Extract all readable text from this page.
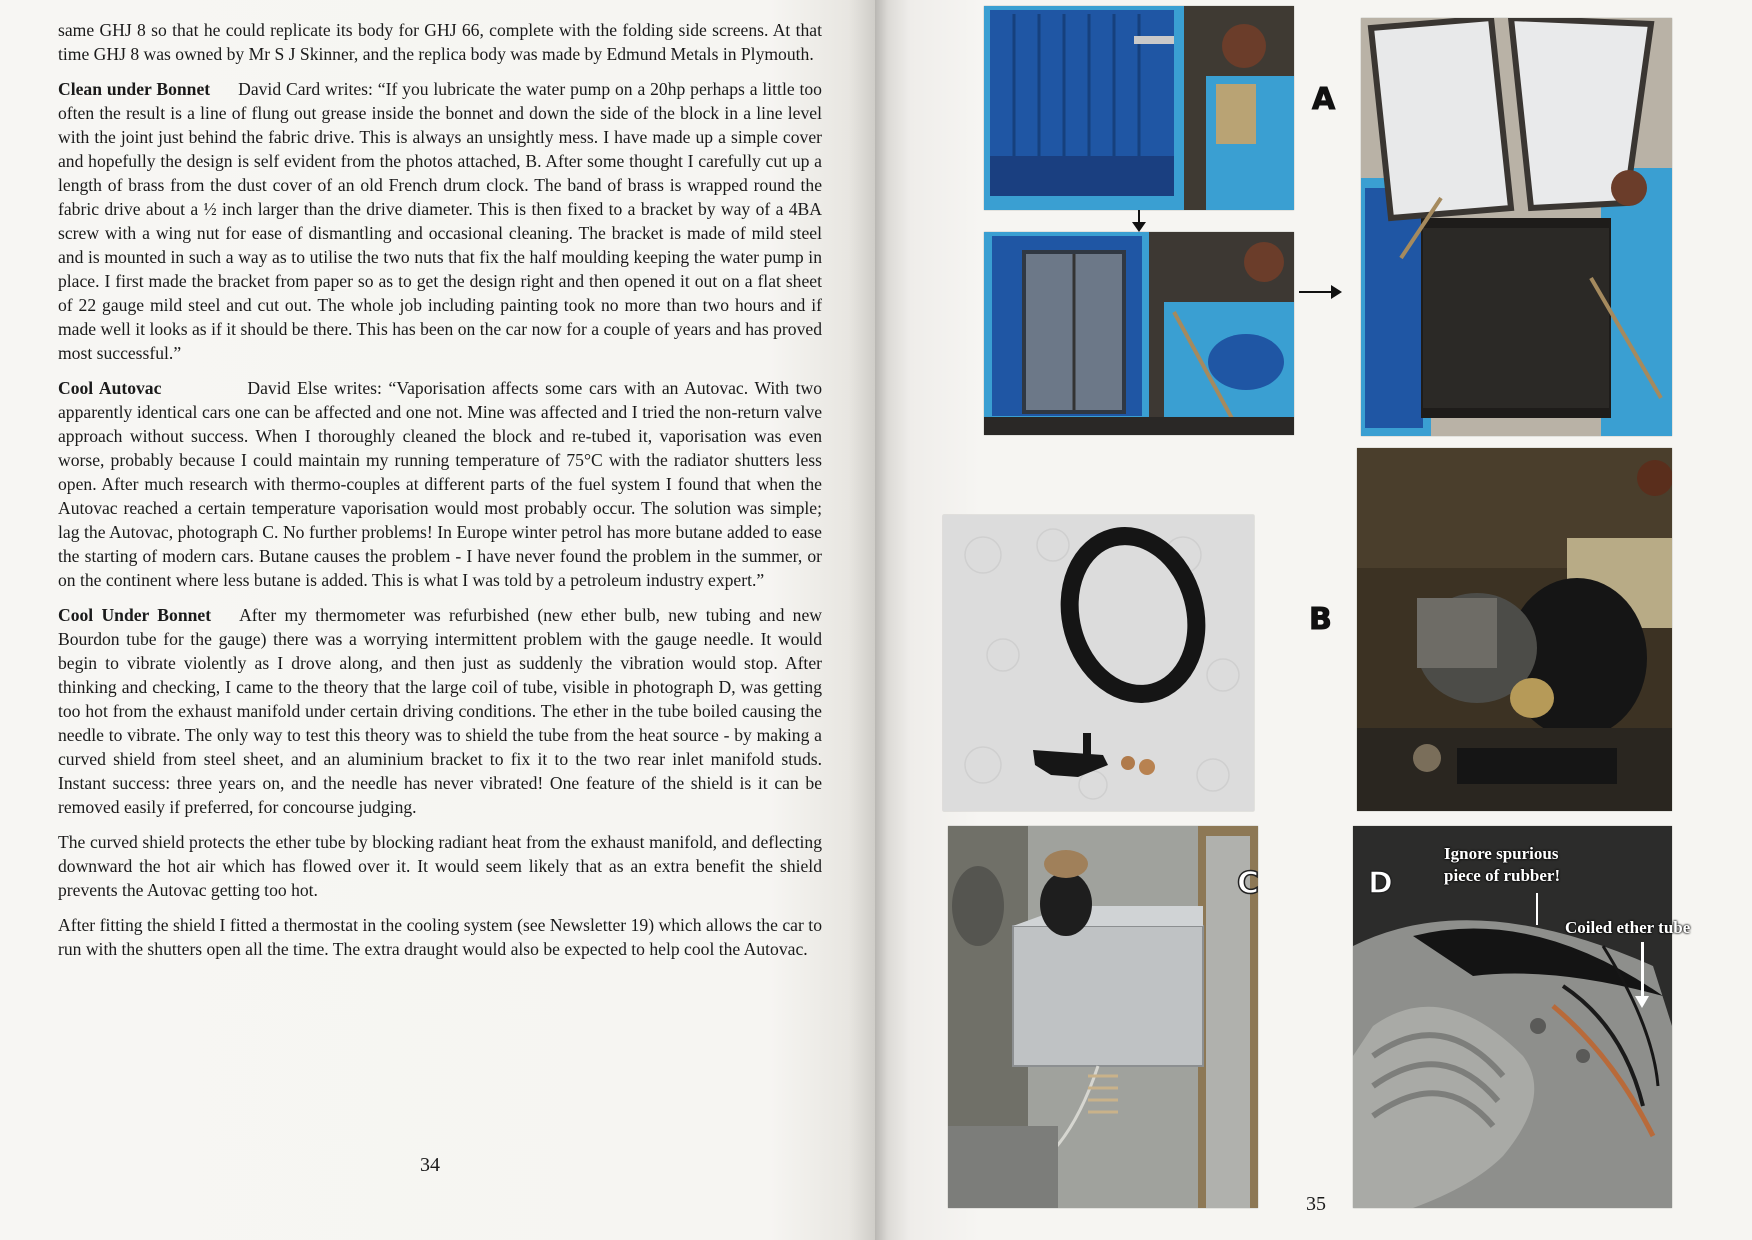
same GHJ 8 so that he could replicate its body for GHJ 66, complete with the folding side screens. At that time GHJ 8 was owned by Mr S J Skinner, and the replica body was made by Edmund Metals in Plymouth.

Clean under Bonnet David Card writes: “If you lubricate the water pump on a 20hp perhaps a little too often the result is a line of flung out grease inside the bonnet and down the side of the block in a line level with the joint just behind the fabric drive. This is always an unsightly mess. I have made up a simple cover and hopefully the design is self evident from the photos attached, B. After some thought I carefully cut up a length of brass from the dust cover of an old French drum clock. The band of brass is wrapped round the fabric drive about a ½ inch larger than the drive diameter. This is then fixed to a bracket by way of a 4BA screw with a wing nut for ease of dismantling and occasional cleaning. The bracket is made of mild steel and is mounted in such a way as to utilise the two nuts that fix the half moulding keeping the water pump in place. I first made the bracket from paper so as to get the design right and then opened it out on a flat sheet of 22 gauge mild steel and cut out. The whole job including painting took no more than two hours and if made well it looks as if it should be there. This has been on the car now for a couple of years and has proved most successful.”

Cool Autovac	David Else writes: “Vaporisation affects some cars with an Autovac. With two apparently identical cars one can be affected and one not. Mine was affected and I tried the non-return valve approach without success. When I thoroughly cleaned the block and re-tubed it, vaporisation was even worse, probably because I could maintain my running temperature of 75°C with the radiator shutters less open. After much research with thermo-couples at different parts of the fuel system I found that when the Autovac reached a certain temperature vaporisation would most probably occur. The solution was simple; lag the Autovac, photograph C. No further problems! In Europe winter petrol has more butane added to ease the starting of modern cars. Butane causes the problem - I have never found the problem in the summer, or on the continent where less butane is added. This is what I was told by a petroleum industry expert.”

Cool Under Bonnet After my thermometer was refurbished (new ether bulb, new tubing and new Bourdon tube for the gauge) there was a worrying intermittent problem with the gauge needle. It would begin to vibrate violently as I drove along, and then just as suddenly the vibration would stop. After thinking and checking, I came to the theory that the large coil of tube, visible in photograph D, was getting too hot from the exhaust manifold under certain driving conditions. The ether in the tube boiled causing the needle to vibrate. The only way to test this theory was to shield the tube from the heat source - by making a curved shield from steel sheet, and an aluminium bracket to fix it to the two rear inlet manifold studs. Instant success: three years on, and the needle has never vibrated! One feature of the shield is it can be removed easily if preferred, for concourse judging.

The curved shield protects the ether tube by blocking radiant heat from the exhaust manifold, and deflecting downward the hot air which has flowed over it. It would seem likely that as an extra benefit the shield prevents the Autovac getting too hot.

After fitting the shield I fitted a thermostat in the cooling system (see Newsletter 19) which allows the car to run with the shutters open all the time. The extra draught would also be expected to help cool the Autovac.

34
A
B
C	D
Ignore spurious piece of rubber!
Coiled ether tube
35
